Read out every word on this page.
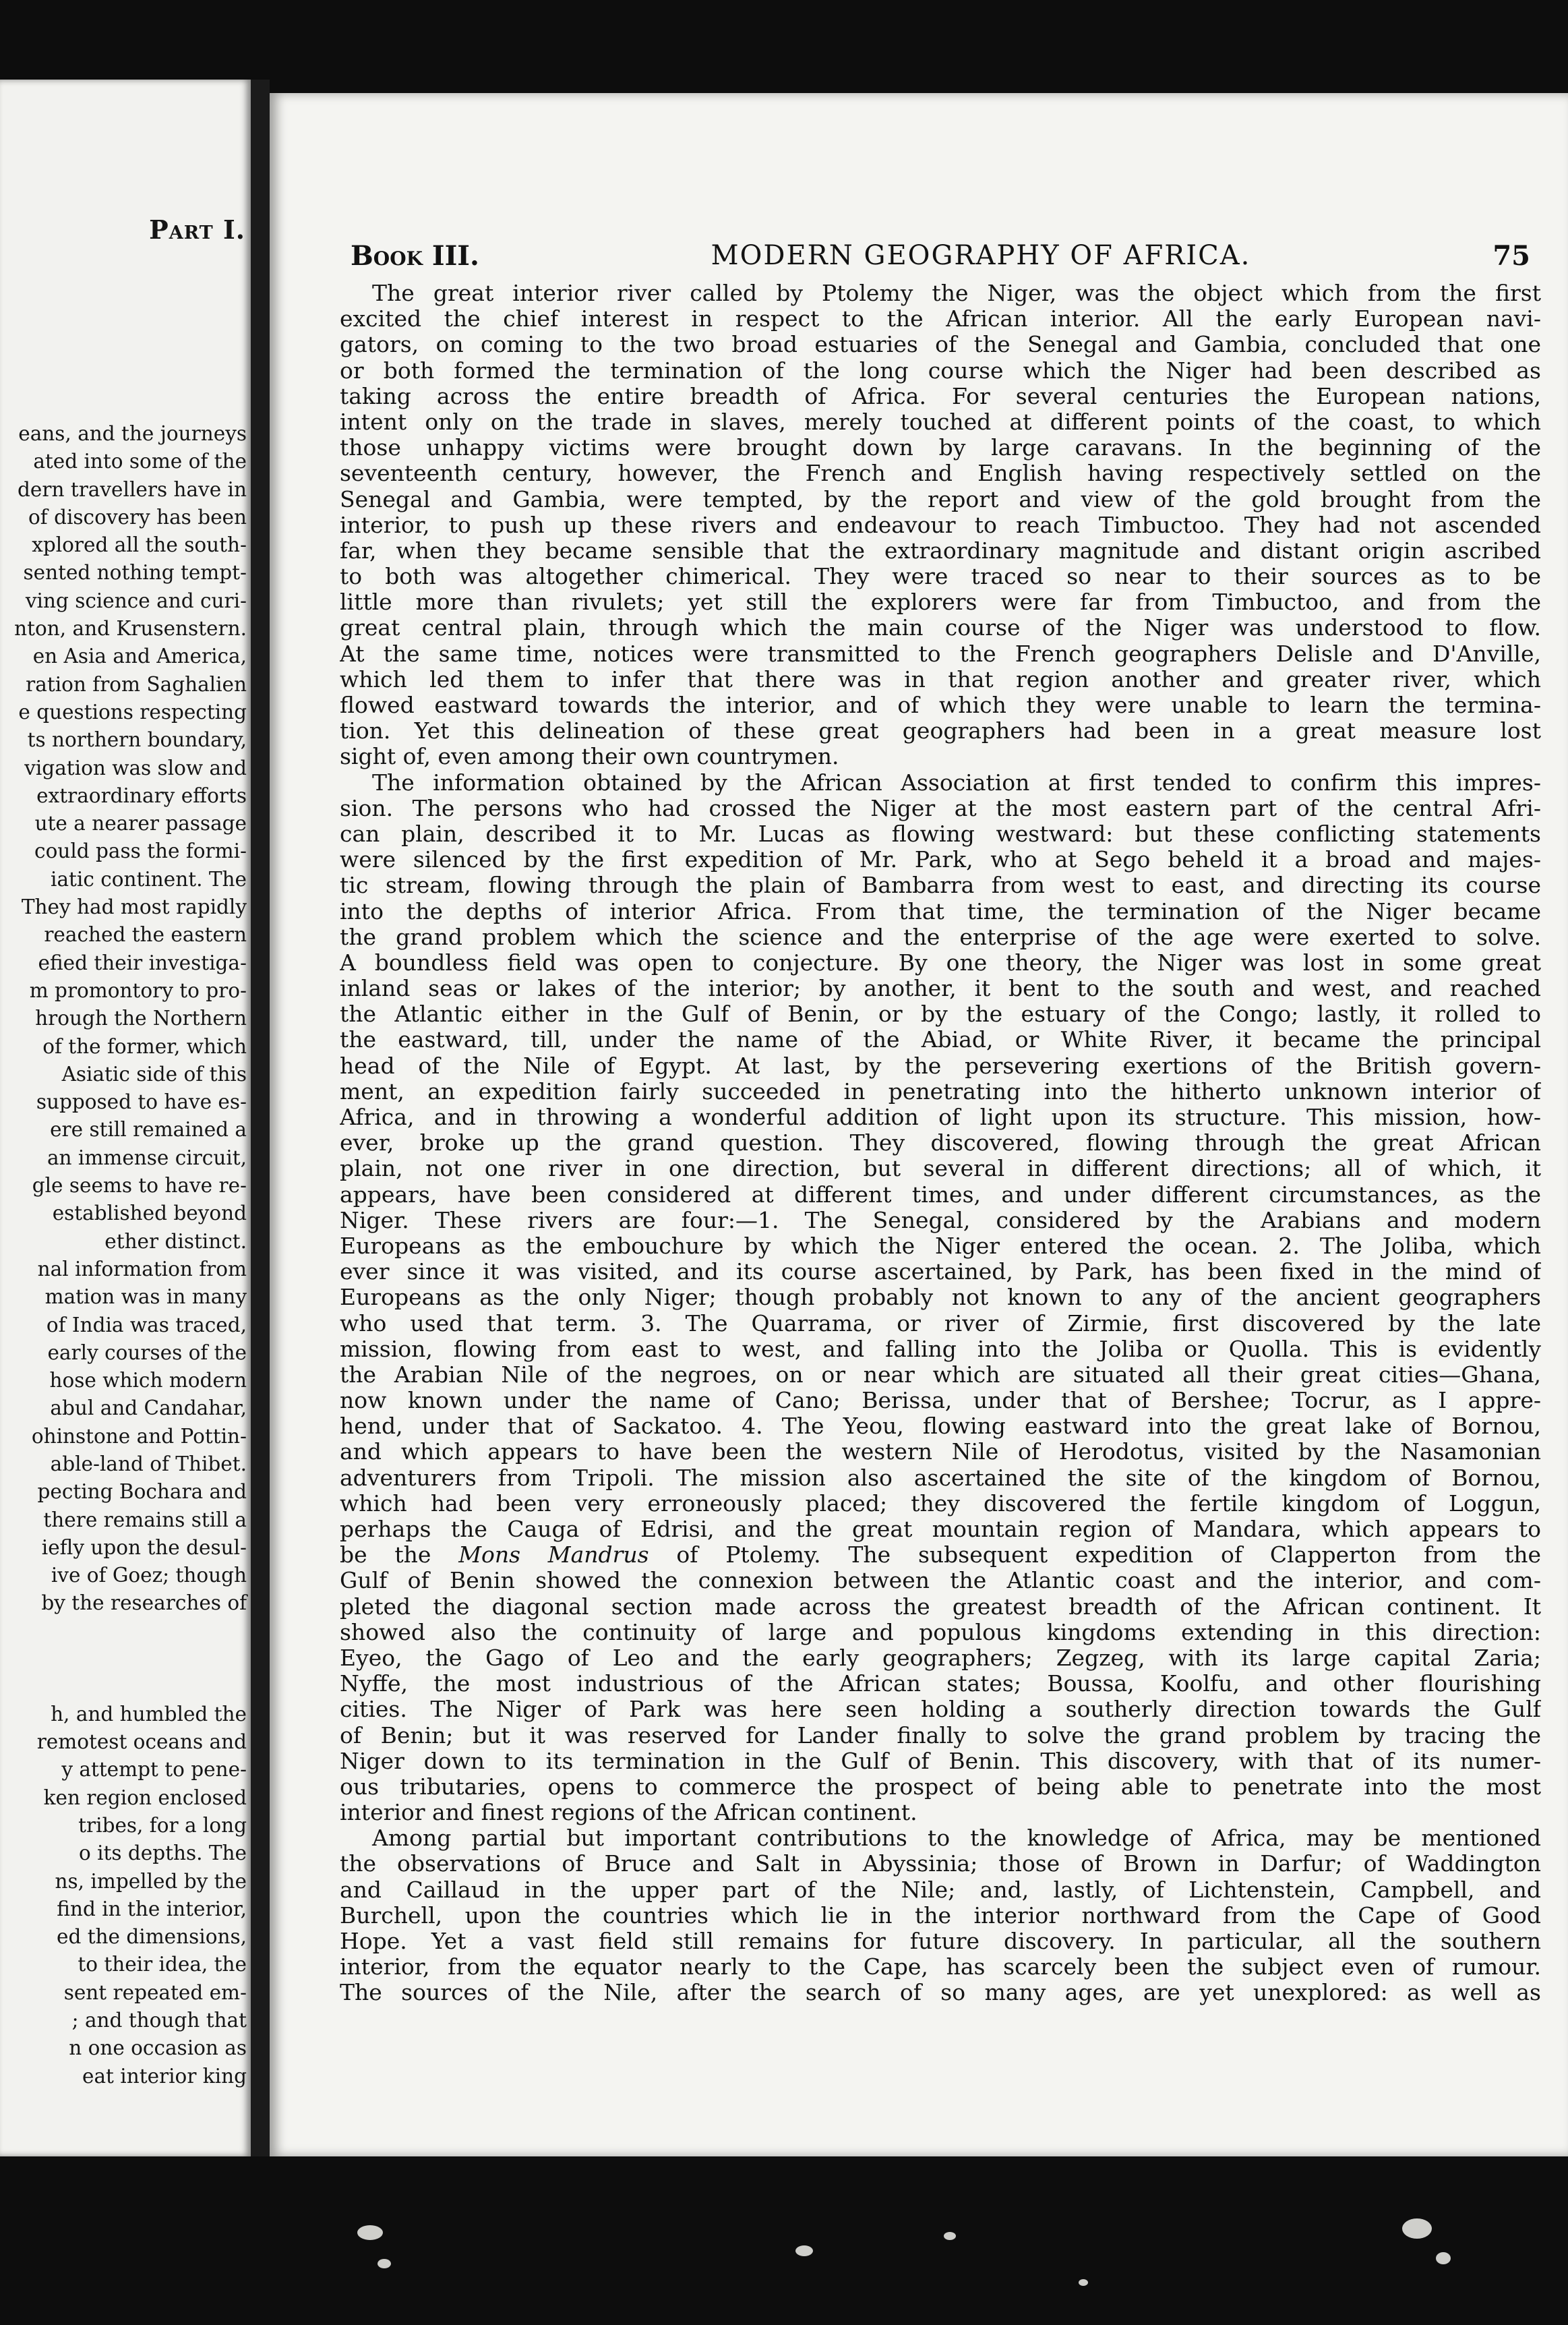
Part I.
eans, and the journeys
ated into some of the
dern travellers have in
of discovery has been
xplored all the south-
sented nothing tempt-
ving science and curi-
nton, and Krusenstern.
en Asia and America,
ration from Saghalien
e questions respecting
ts northern boundary,
vigation was slow and
extraordinary efforts
ute a nearer passage
could pass the formi-
iatic continent. The
They had most rapidly
reached the eastern
efied their investiga-
m promontory to pro-
hrough the Northern
of the former, which
Asiatic side of this
supposed to have es-
ere still remained a
an immense circuit,
gle seems to have re-
established beyond
ether distinct.
nal information from
mation was in many
of India was traced,
early courses of the
hose which modern
abul and Candahar,
ohinstone and Pottin-
able-land of Thibet.
pecting Bochara and
there remains still a
iefly upon the desul-
ive of Goez; though
by the researches of
h, and humbled the
remotest oceans and
y attempt to pene-
ken region enclosed
tribes, for a long
o its depths. The
ns, impelled by the
find in the interior,
ed the dimensions,
to their idea, the
sent repeated em-
; and though that
n one occasion as
eat interior king
Book III.	MODERN GEOGRAPHY OF AFRICA.	75
The great interior river called by Ptolemy the Niger, was the object which from the first
excited the chief interest in respect to the African interior. All the early European navi-
gators, on coming to the two broad estuaries of the Senegal and Gambia, concluded that one
or both formed the termination of the long course which the Niger had been described as
taking across the entire breadth of Africa. For several centuries the European nations,
intent only on the trade in slaves, merely touched at different points of the coast, to which
those unhappy victims were brought down by large caravans. In the beginning of the
seventeenth century, however, the French and English having respectively settled on the
Senegal and Gambia, were tempted, by the report and view of the gold brought from the
interior, to push up these rivers and endeavour to reach Timbuctoo. They had not ascended
far, when they became sensible that the extraordinary magnitude and distant origin ascribed
to both was altogether chimerical. They were traced so near to their sources as to be
little more than rivulets; yet still the explorers were far from Timbuctoo, and from the
great central plain, through which the main course of the Niger was understood to flow.
At the same time, notices were transmitted to the French geographers Delisle and D'Anville,
which led them to infer that there was in that region another and greater river, which
flowed eastward towards the interior, and of which they were unable to learn the termina-
tion. Yet this delineation of these great geographers had been in a great measure lost
sight of, even among their own countrymen.
The information obtained by the African Association at first tended to confirm this impres-
sion. The persons who had crossed the Niger at the most eastern part of the central Afri-
can plain, described it to Mr. Lucas as flowing westward: but these conflicting statements
were silenced by the first expedition of Mr. Park, who at Sego beheld it a broad and majes-
tic stream, flowing through the plain of Bambarra from west to east, and directing its course
into the depths of interior Africa. From that time, the termination of the Niger became
the grand problem which the science and the enterprise of the age were exerted to solve.
A boundless field was open to conjecture. By one theory, the Niger was lost in some great
inland seas or lakes of the interior; by another, it bent to the south and west, and reached
the Atlantic either in the Gulf of Benin, or by the estuary of the Congo; lastly, it rolled to
the eastward, till, under the name of the Abiad, or White River, it became the principal
head of the Nile of Egypt. At last, by the persevering exertions of the British govern-
ment, an expedition fairly succeeded in penetrating into the hitherto unknown interior of
Africa, and in throwing a wonderful addition of light upon its structure. This mission, how-
ever, broke up the grand question. They discovered, flowing through the great African
plain, not one river in one direction, but several in different directions; all of which, it
appears, have been considered at different times, and under different circumstances, as the
Niger. These rivers are four:—1. The Senegal, considered by the Arabians and modern
Europeans as the embouchure by which the Niger entered the ocean. 2. The Joliba, which
ever since it was visited, and its course ascertained, by Park, has been fixed in the mind of
Europeans as the only Niger; though probably not known to any of the ancient geographers
who used that term. 3. The Quarrama, or river of Zirmie, first discovered by the late
mission, flowing from east to west, and falling into the Joliba or Quolla. This is evidently
the Arabian Nile of the negroes, on or near which are situated all their great cities—Ghana,
now known under the name of Cano; Berissa, under that of Bershee; Tocrur, as I appre-
hend, under that of Sackatoo. 4. The Yeou, flowing eastward into the great lake of Bornou,
and which appears to have been the western Nile of Herodotus, visited by the Nasamonian
adventurers from Tripoli. The mission also ascertained the site of the kingdom of Bornou,
which had been very erroneously placed; they discovered the fertile kingdom of Loggun,
perhaps the Cauga of Edrisi, and the great mountain region of Mandara, which appears to
be the Mons Mandrus of Ptolemy. The subsequent expedition of Clapperton from the
Gulf of Benin showed the connexion between the Atlantic coast and the interior, and com-
pleted the diagonal section made across the greatest breadth of the African continent. It
showed also the continuity of large and populous kingdoms extending in this direction:
Eyeo, the Gago of Leo and the early geographers; Zegzeg, with its large capital Zaria;
Nyffe, the most industrious of the African states; Boussa, Koolfu, and other flourishing
cities. The Niger of Park was here seen holding a southerly direction towards the Gulf
of Benin; but it was reserved for Lander finally to solve the grand problem by tracing the
Niger down to its termination in the Gulf of Benin. This discovery, with that of its numer-
ous tributaries, opens to commerce the prospect of being able to penetrate into the most
interior and finest regions of the African continent.
Among partial but important contributions to the knowledge of Africa, may be mentioned
the observations of Bruce and Salt in Abyssinia; those of Brown in Darfur; of Waddington
and Caillaud in the upper part of the Nile; and, lastly, of Lichtenstein, Campbell, and
Burchell, upon the countries which lie in the interior northward from the Cape of Good
Hope. Yet a vast field still remains for future discovery. In particular, all the southern
interior, from the equator nearly to the Cape, has scarcely been the subject even of rumour.
The sources of the Nile, after the search of so many ages, are yet unexplored: as well as
